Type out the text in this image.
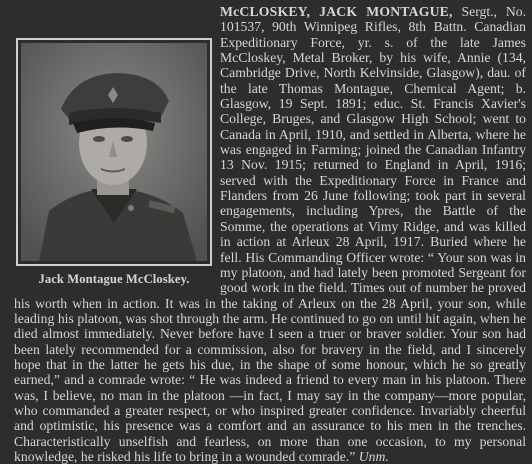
Jack Montague McCloskey.

McCLOSKEY, JACK MONTAGUE, Sergt., No. 101537, 90th Winnipeg Rifles, 8th Battn. Canadian Expeditionary Force, yr. s. of the late James McCloskey, Metal Broker, by his wife, Annie (134, Cambridge Drive, North Kelvinside, Glasgow), dau. of the late Thomas Montague, Chemical Agent; b. Glasgow, 19 Sept. 1891; educ. St. Francis Xavier's College, Bruges, and Glasgow High School; went to Canada in April, 1910, and settled in Alberta, where he was engaged in Farming; joined the Canadian Infantry 13 Nov. 1915; returned to England in April, 1916; served with the Expeditionary Force in France and Flanders from 26 June following; took part in several engagements, including Ypres, the Battle of the Somme, the operations at Vimy Ridge, and was killed in action at Arleux 28 April, 1917. Buried where he fell. His Commanding Officer wrote: “ Your son was in my platoon, and had lately been promoted Sergeant for good work in the field. Times out of number he proved his worth when in action. It was in the taking of Arleux on the 28 April, your son, while leading his platoon, was shot through the arm. He continued to go on until hit again, when he died almost immediately. Never before have I seen a truer or braver soldier. Your son had been lately recommended for a commission, also for bravery in the field, and I sincerely hope that in the latter he gets his due, in the shape of some honour, which he so greatly earned,” and a comrade wrote: “ He was indeed a friend to every man in his platoon. There was, I believe, no man in the platoon —in fact, I may say in the company—more popular, who commanded a greater respect, or who inspired greater confidence. Invariably cheerful and optimistic, his presence was a comfort and an assurance to his men in the trenches. Characteristically unselfish and fearless, on more than one occasion, to my personal knowledge, he risked his life to bring in a wounded comrade.” Unm.
